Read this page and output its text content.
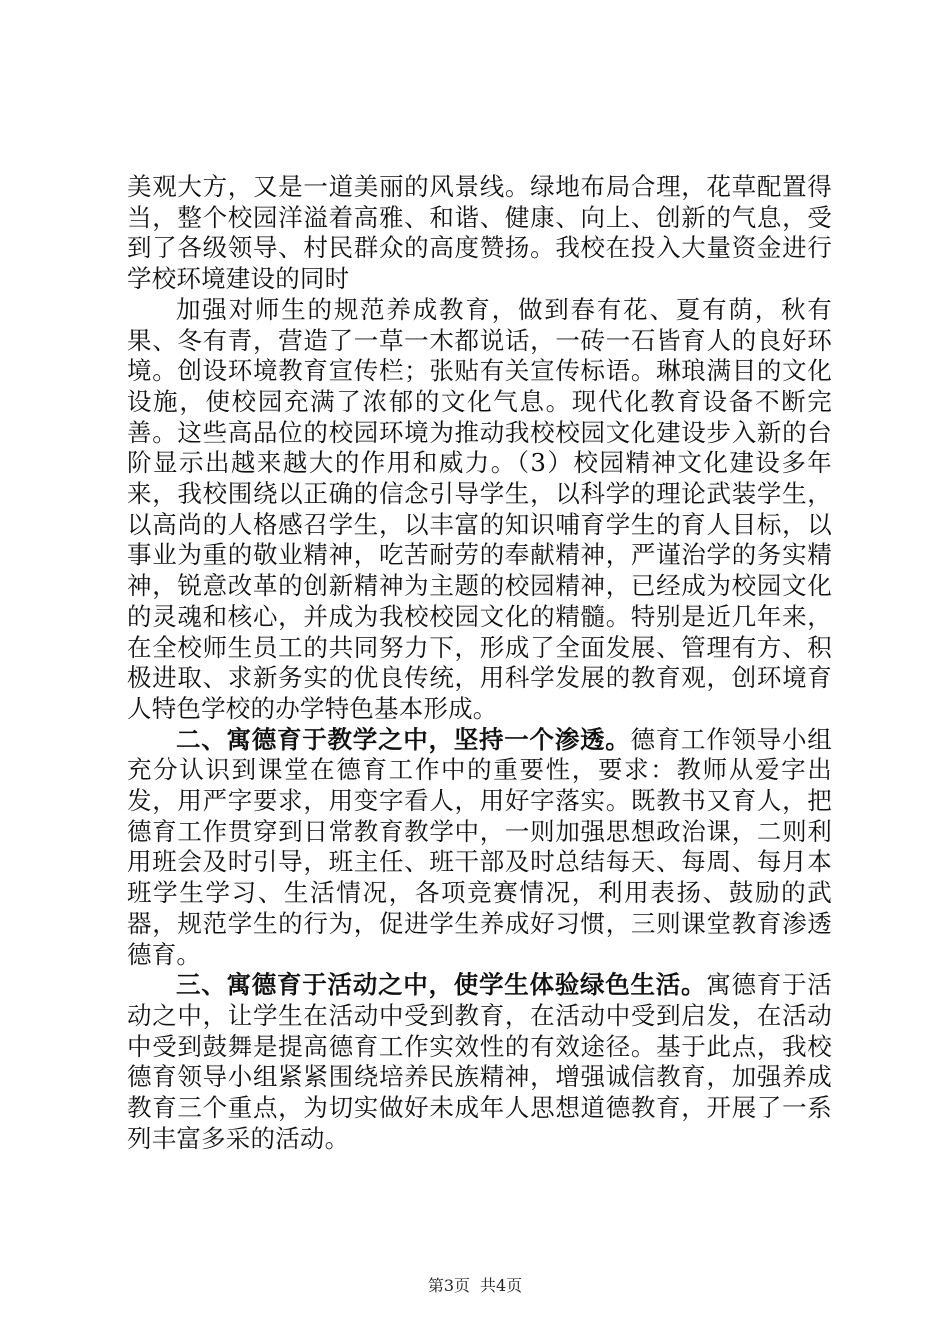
美观大方，又是一道美丽的风景线。绿地布局合理，花草配置得当，整个校园洋溢着高雅、和谐、健康、向上、创新的气息，受到了各级领导、村民群众的高度赞扬。我校在投入大量资金进行学校环境建设的同时

加强对师生的规范养成教育，做到春有花、夏有荫，秋有果、冬有青，营造了一草一木都说话，一砖一石皆育人的良好环境。创设环境教育宣传栏；张贴有关宣传标语。琳琅满目的文化设施，使校园充满了浓郁的文化气息。现代化教育设备不断完善。这些高品位的校园环境为推动我校校园文化建设步入新的台阶显示出越来越大的作用和威力。（3）校园精神文化建设多年来，我校围绕以正确的信念引导学生，以科学的理论武装学生，以高尚的人格感召学生，以丰富的知识哺育学生的育人目标，以事业为重的敬业精神，吃苦耐劳的奉献精神，严谨治学的务实精神，锐意改革的创新精神为主题的校园精神，已经成为校园文化的灵魂和核心，并成为我校校园文化的精髓。特别是近几年来，在全校师生员工的共同努力下，形成了全面发展、管理有方、积极进取、求新务实的优良传统，用科学发展的教育观，创环境育人特色学校的办学特色基本形成。

二、寓德育于教学之中，坚持一个渗透。德育工作领导小组充分认识到课堂在德育工作中的重要性，要求：教师从爱字出发，用严字要求，用变字看人，用好字落实。既教书又育人，把德育工作贯穿到日常教育教学中，一则加强思想政治课，二则利用班会及时引导，班主任、班干部及时总结每天、每周、每月本班学生学习、生活情况，各项竞赛情况，利用表扬、鼓励的武器，规范学生的行为，促进学生养成好习惯，三则课堂教育渗透德育。

三、寓德育于活动之中，使学生体验绿色生活。寓德育于活动之中，让学生在活动中受到教育，在活动中受到启发，在活动中受到鼓舞是提高德育工作实效性的有效途径。基于此点，我校德育领导小组紧紧围绕培养民族精神，增强诚信教育，加强养成教育三个重点，为切实做好未成年人思想道德教育，开展了一系列丰富多采的活动。

第3页 共4页
